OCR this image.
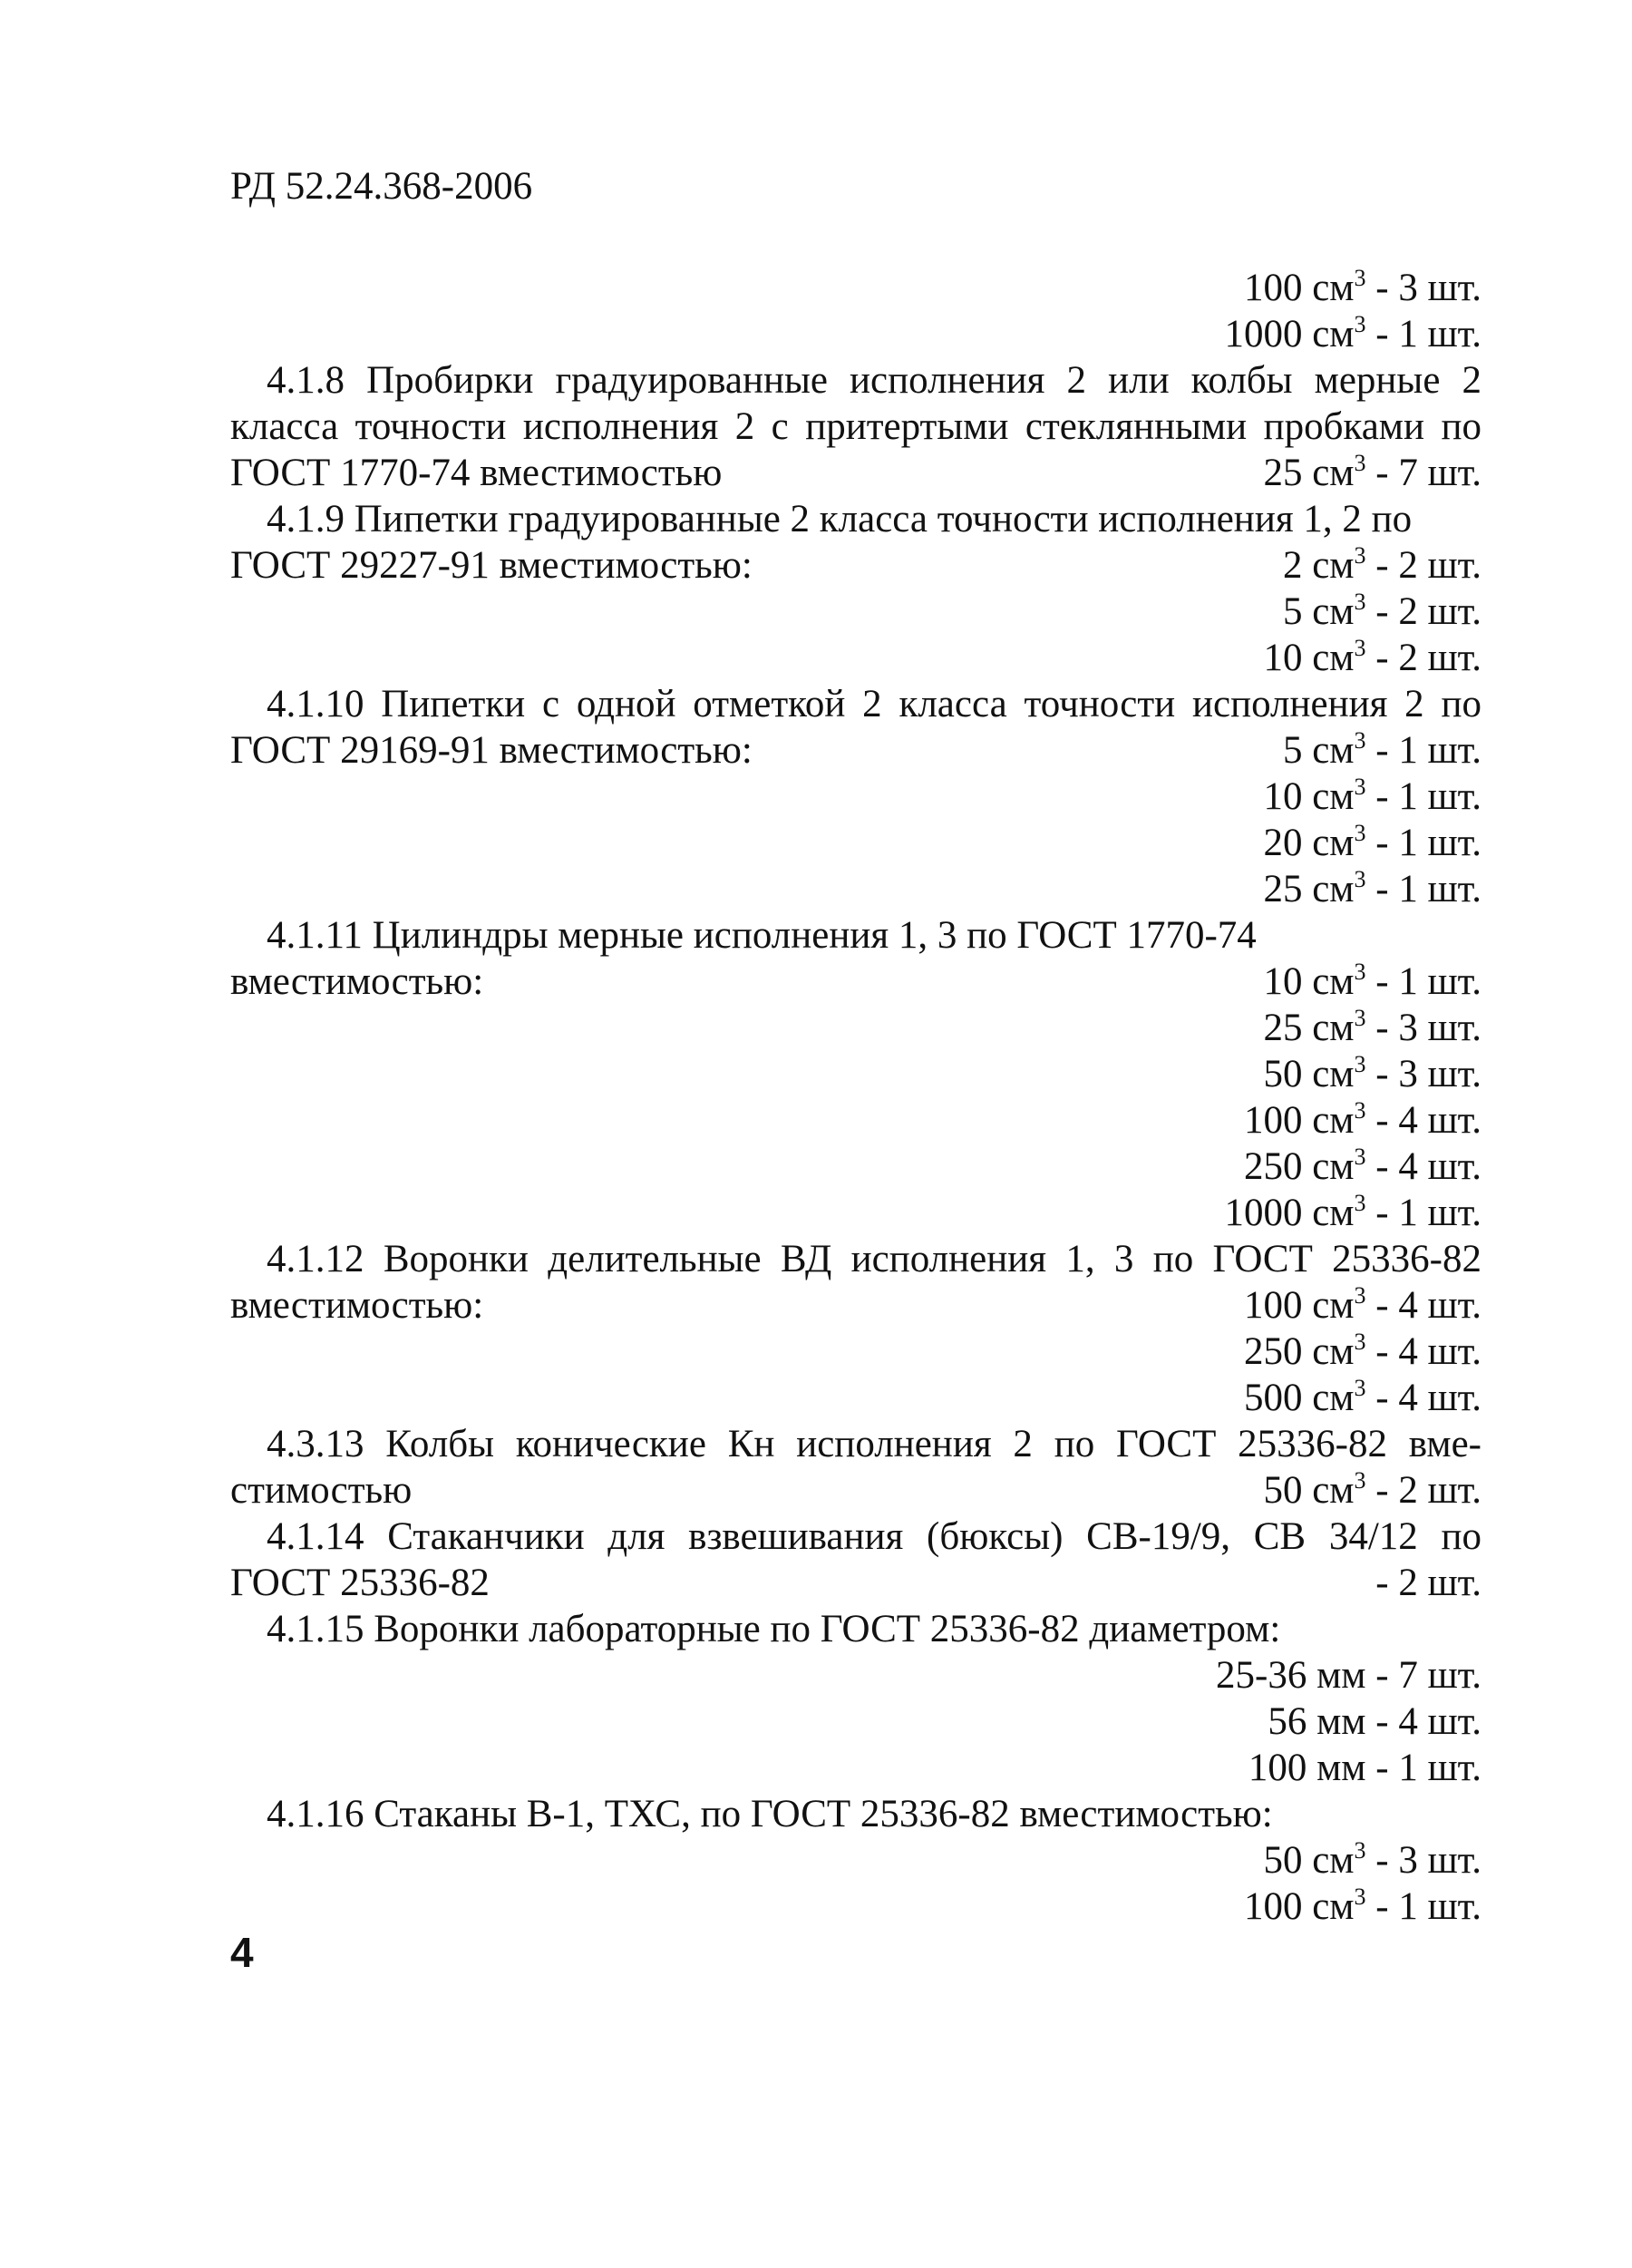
РД 52.24.368-2006
100 $см^3 - 3$ шт.
1000 $см^3 - 1$ шт.
4.1.8 Пробирки градуированные исполнения 2 или колбы мерные 2
класса точности исполнения 2 с притертыми стеклянными пробками по
ГОСТ 1770-74 вместимостью	25 $см^3 - 7$ шт.
4.1.9 Пипетки градуированные 2 класса точности исполнения 1, 2 по
ГОСТ 29227-91 вместимостью:	2 $см^3 - 2$ шт.
5 $см^3 - 2$ шт.
10 $см^3 - 2$ шт.
4.1.10 Пипетки с одной отметкой 2 класса точности исполнения 2 по
ГОСТ 29169-91 вместимостью:	5 $см^3 - 1$ шт.
10 $см^3 - 1$ шт.
20 $см^3 - 1$ шт.
25 $см^3 - 1$ шт.
4.1.11 Цилиндры мерные исполнения 1, 3 по ГОСТ 1770-74
вместимостью:	10 $см^3 - 1$ шт.
25 $см^3 - 3$ шт.
50 $см^3 - 3$ шт.
100 $см^3 - 4$ шт.
250 $см^3 - 4$ шт.
1000 $см^3 - 1$ шт.
4.1.12 Воронки делительные ВД исполнения 1, 3 по ГОСТ 25336-82
вместимостью:	100 $см^3 - 4$ шт.
250 $см^3 - 4$ шт.
500 $см^3 - 4$ шт.
4.3.13 Колбы конические Кн исполнения 2 по ГОСТ 25336-82 вме-
стимостью	50 $см^3 - 2$ шт.
4.1.14 Стаканчики для взвешивания (бюксы) СВ-19/9, СВ 34/12 по
ГОСТ 25336-82	- 2 шт.
4.1.15 Воронки лабораторные по ГОСТ 25336-82 диаметром:
25-36 мм - 7 шт.
56 мм - 4 шт.
100 мм - 1 шт.
4.1.16 Стаканы В-1, ТХС, по ГОСТ 25336-82 вместимостью:
50 $см^3 - 3$ шт.
100 $см^3 - 1$ шт.
4
